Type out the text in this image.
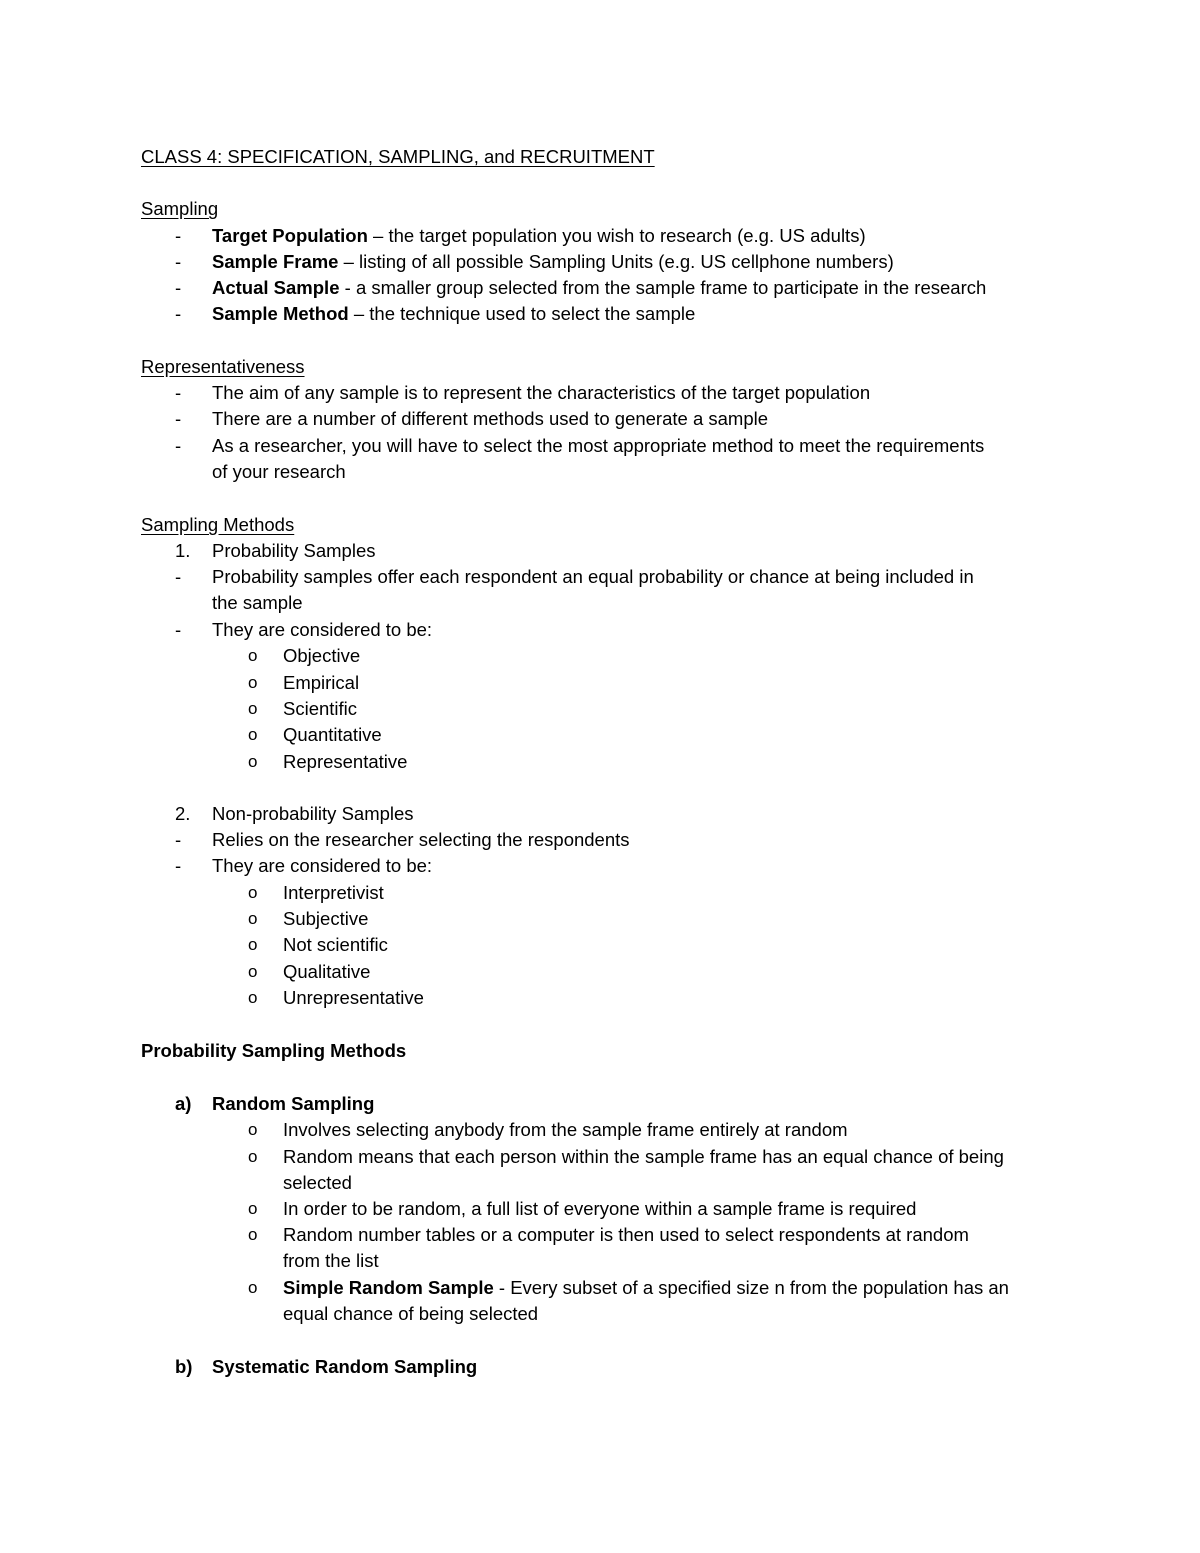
CLASS 4: SPECIFICATION, SAMPLING, and RECRUITMENT
Sampling
- Target Population – the target population you wish to research (e.g. US adults)
- Sample Frame – listing of all possible Sampling Units (e.g. US cellphone numbers)
- Actual Sample - a smaller group selected from the sample frame to participate in the research
- Sample Method – the technique used to select the sample
Representativeness
- The aim of any sample is to represent the characteristics of the target population
- There are a number of different methods used to generate a sample
- As a researcher, you will have to select the most appropriate method to meet the requirements
of your research
Sampling Methods
1. Probability Samples
- Probability samples offer each respondent an equal probability or chance at being included in
the sample
- They are considered to be:
o Objective
o Empirical
o Scientific
o Quantitative
o Representative
2. Non-probability Samples
- Relies on the researcher selecting the respondents
- They are considered to be:
o Interpretivist
o Subjective
o Not scientific
o Qualitative
o Unrepresentative
Probability Sampling Methods
a) Random Sampling
o Involves selecting anybody from the sample frame entirely at random
o Random means that each person within the sample frame has an equal chance of being
selected
o In order to be random, a full list of everyone within a sample frame is required
o Random number tables or a computer is then used to select respondents at random
from the list
o Simple Random Sample - Every subset of a specified size n from the population has an
equal chance of being selected
b) Systematic Random Sampling
